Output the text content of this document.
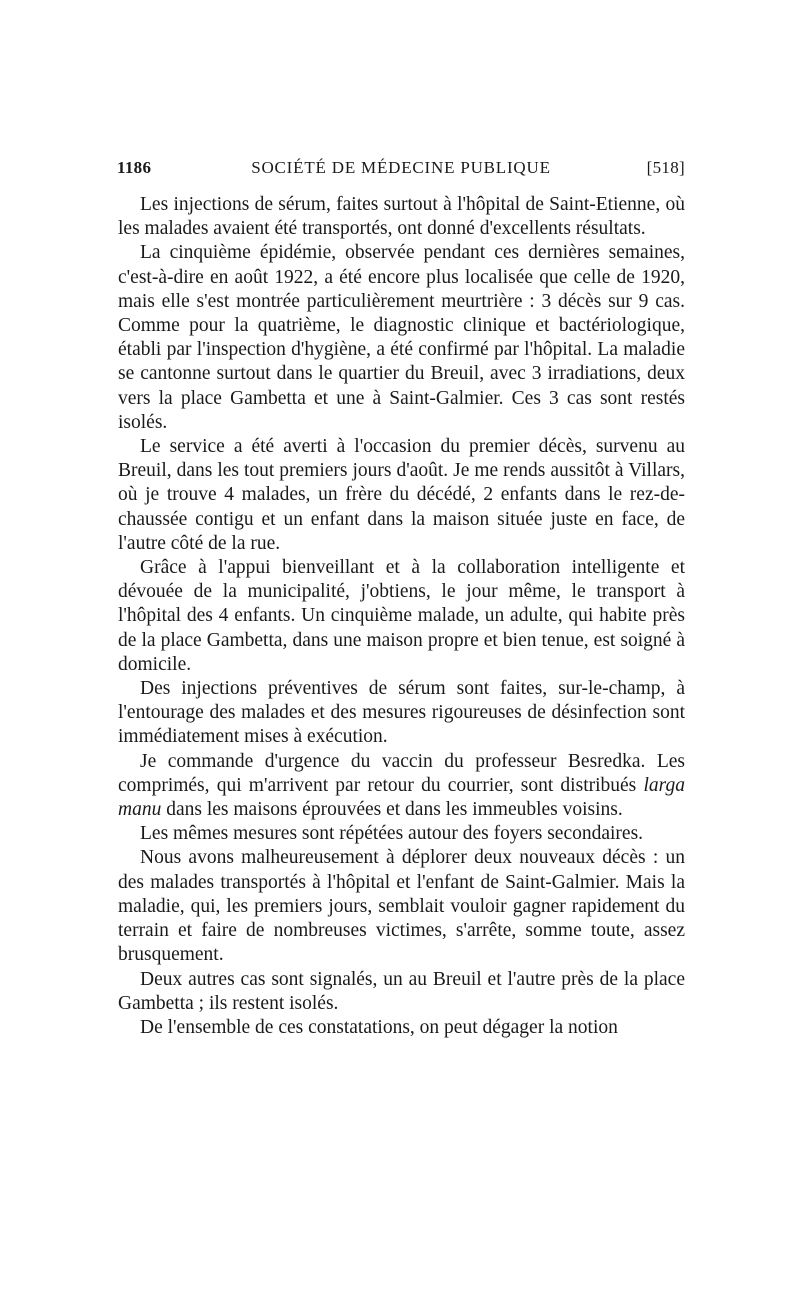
1186	SOCIÉTÉ DE MÉDECINE PUBLIQUE	[518]

Les injections de sérum, faites surtout à l'hôpital de Saint-Etienne, où les malades avaient été transportés, ont donné d'excellents résultats.

La cinquième épidémie, observée pendant ces dernières semaines, c'est-à-dire en août 1922, a été encore plus localisée que celle de 1920, mais elle s'est montrée particulièrement meurtrière : 3 décès sur 9 cas. Comme pour la quatrième, le diagnostic clinique et bactériologique, établi par l'inspection d'hygiène, a été confirmé par l'hôpital. La maladie se cantonne surtout dans le quartier du Breuil, avec 3 irradiations, deux vers la place Gambetta et une à Saint-Galmier. Ces 3 cas sont restés isolés.

Le service a été averti à l'occasion du premier décès, survenu au Breuil, dans les tout premiers jours d'août. Je me rends aussitôt à Villars, où je trouve 4 malades, un frère du décédé, 2 enfants dans le rez-de-chaussée contigu et un enfant dans la maison située juste en face, de l'autre côté de la rue.

Grâce à l'appui bienveillant et à la collaboration intelligente et dévouée de la municipalité, j'obtiens, le jour même, le transport à l'hôpital des 4 enfants. Un cinquième malade, un adulte, qui habite près de la place Gambetta, dans une maison propre et bien tenue, est soigné à domicile.

Des injections préventives de sérum sont faites, sur-le-champ, à l'entourage des malades et des mesures rigoureuses de désinfection sont immédiatement mises à exécution.

Je commande d'urgence du vaccin du professeur Besredka. Les comprimés, qui m'arrivent par retour du courrier, sont distribués larga manu dans les maisons éprouvées et dans les immeubles voisins.

Les mêmes mesures sont répétées autour des foyers secondaires.

Nous avons malheureusement à déplorer deux nouveaux décès : un des malades transportés à l'hôpital et l'enfant de Saint-Galmier. Mais la maladie, qui, les premiers jours, semblait vouloir gagner rapidement du terrain et faire de nombreuses victimes, s'arrête, somme toute, assez brusquement.

Deux autres cas sont signalés, un au Breuil et l'autre près de la place Gambetta ; ils restent isolés.

De l'ensemble de ces constatations, on peut dégager la notion
